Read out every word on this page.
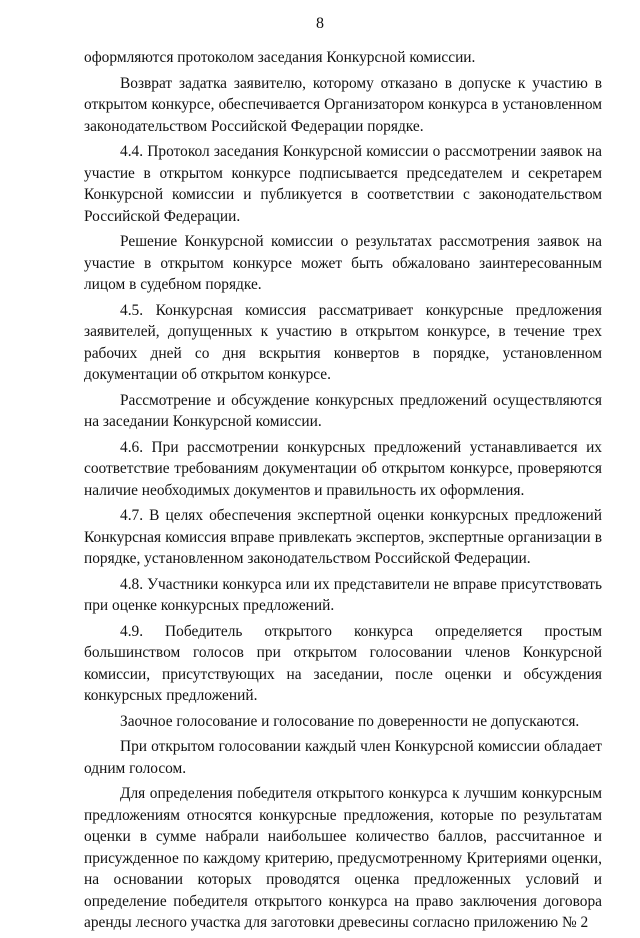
8

оформляются протоколом заседания Конкурсной комиссии.

Возврат задатка заявителю, которому отказано в допуске к участию в открытом конкурсе, обеспечивается Организатором конкурса в установленном законодательством Российской Федерации порядке.

4.4. Протокол заседания Конкурсной комиссии о рассмотрении заявок на участие в открытом конкурсе подписывается председателем и секретарем Конкурсной комиссии и публикуется в соответствии с законодательством Российской Федерации.

Решение Конкурсной комиссии о результатах рассмотрения заявок на участие в открытом конкурсе может быть обжаловано заинтересованным лицом в судебном порядке.

4.5. Конкурсная комиссия рассматривает конкурсные предложения заявителей, допущенных к участию в открытом конкурсе, в течение трех рабочих дней со дня вскрытия конвертов в порядке, установленном документации об открытом конкурсе.

Рассмотрение и обсуждение конкурсных предложений осуществляются на заседании Конкурсной комиссии.

4.6. При рассмотрении конкурсных предложений устанавливается их соответствие требованиям документации об открытом конкурсе, проверяются наличие необходимых документов и правильность их оформления.

4.7. В целях обеспечения экспертной оценки конкурсных предложений Конкурсная комиссия вправе привлекать экспертов, экспертные организации в порядке, установленном законодательством Российской Федерации.

4.8. Участники конкурса или их представители не вправе присутствовать при оценке конкурсных предложений.

4.9. Победитель открытого конкурса определяется простым большинством голосов при открытом голосовании членов Конкурсной комиссии, присутствующих на заседании, после оценки и обсуждения конкурсных предложений.

Заочное голосование и голосование по доверенности не допускаются.

При открытом голосовании каждый член Конкурсной комиссии обладает одним голосом.

Для определения победителя открытого конкурса к лучшим конкурсным предложениям относятся конкурсные предложения, которые по результатам оценки в сумме набрали наибольшее количество баллов, рассчитанное и присужденное по каждому критерию, предусмотренному Критериями оценки, на основании которых проводятся оценка предложенных условий и определение победителя открытого конкурса на право заключения договора аренды лесного участка для заготовки древесины согласно приложению № 2
